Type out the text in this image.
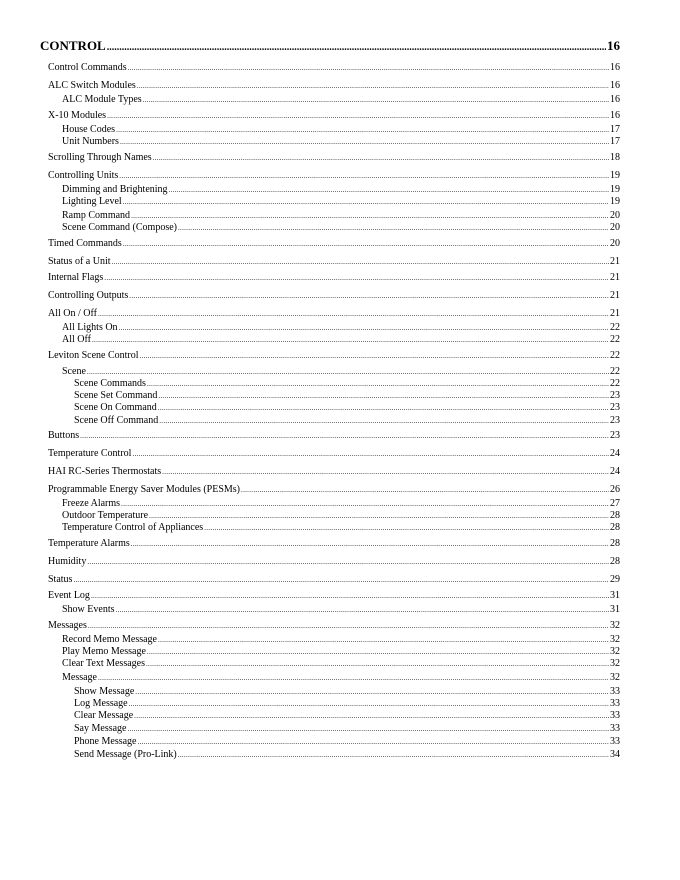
CONTROL .....	16
Control Commands .....	16
ALC Switch Modules .....	16
ALC Module Types .....	16
X-10 Modules .....	16
House Codes .....	17
Unit Numbers .....	17
Scrolling Through Names .....	18
Controlling Units .....	19
Dimming and Brightening .....	19
Lighting Level .....	19
Ramp Command .....	20
Scene Command (Compose) .....	20
Timed Commands .....	20
Status of a Unit .....	21
Internal Flags .....	21
Controlling Outputs .....	21
All On / Off .....	21
All Lights On .....	22
All Off .....	22
Leviton Scene Control .....	22
Scene .....	22
Scene Commands .....	22
Scene Set Command .....	23
Scene On Command .....	23
Scene Off Command .....	23
Buttons .....	23
Temperature Control .....	24
HAI RC-Series Thermostats .....	24
Programmable Energy Saver Modules (PESMs) .....	26
Freeze Alarms .....	27
Outdoor Temperature .....	28
Temperature Control of Appliances .....	28
Temperature Alarms .....	28
Humidity .....	28
Status .....	29
Event Log .....	31
Show Events .....	31
Messages .....	32
Record Memo Message .....	32
Play Memo Message .....	32
Clear Text Messages .....	32
Message .....	32
Show Message .....	33
Log Message .....	33
Clear Message .....	33
Say Message .....	33
Phone Message .....	33
Send Message (Pro-Link) .....	34
